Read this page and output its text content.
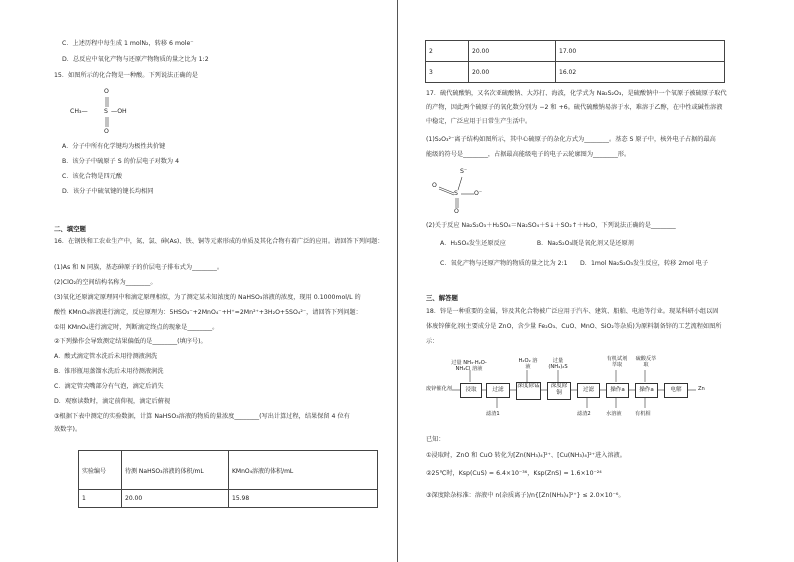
C．上述历程中每生成 1 molN₂，转移 6 mole⁻
D．总反应中氧化产物与还原产物物质的量之比为 1:2
15．如图所示的化合物是一种酸。下列说法正确的是
CH₃—	S
O
O
—OH
A．分子中所有化学键均为极性共价键
B．该分子中硫原子 S 的价层电子对数为 4
C．该化合物是四元酸
D．该分子中硫氧键的键长均相同
二、填空题
16．在钢铁和工农业生产中，氮、氯、砷(As)、铁、铜等元素形成的单质及其化合物有着广泛的应用。请回答下列问题：
(1)As 和 N 同族，基态砷原子的价层电子排布式为________。
(2)ClO₂的空间结构名称为________。
(3)氧化还原滴定原理同中和滴定原理相似，为了测定某未知浓度的 NaHSO₃溶液的浓度，现用 0.1000mol/L 的
酸性 KMnO₄溶液进行滴定，反应原理为：5HSO₃⁻+2MnO₄⁻+H⁺=2Mn²⁺+3H₂O+5SO₄²⁻，请回答下列问题：
①用 KMnO₄进行滴定时，判断滴定终点的现象是________。
②下列操作会导致测定结果偏低的是________(填序号)。
A．酸式滴定管水洗后未用待测液润洗
B．锥形瓶用蒸馏水洗后未用待测液润洗
C．滴定管尖嘴部分有气泡，滴定后消失
D．观察读数时，滴定前仰视，滴定后俯视
③根据下表中测定的实验数据，计算 NaHSO₃溶液的物质的量浓度________(写出计算过程，结果保留 4 位有
效数字)。
实验编号	待测 NaHSO₃溶液的体积/mL	KMnO₄溶液的体积/mL
1	20.00	15.98
2	20.00	17.00
3	20.00	16.02
17．硫代硫酸钠，又名次亚硫酸钠、大苏打、海波，化学式为 Na₂S₂O₃，是硫酸钠中一个氧原子被硫原子取代
的产物，因此两个硫原子的氧化数分别为 −2 和 +6。硫代硫酸钠易溶于水，难溶于乙醇，在中性或碱性溶液
中稳定，广泛应用于日常生产生活中。
(1)S₂O₃²⁻离子结构如图所示，其中心硫原子的杂化方式为________。基态 S 原子中，核外电子占据的最高
能级的符号是________，占据最高能级电子的电子云轮廓图为________形。
S⁻
O
S	O⁻
O
(2)关于反应 Na₂S₂O₃＋H₂SO₄＝Na₂SO₄＋S↓＋SO₂↑＋H₂O，下列说法正确的是________
A．H₂SO₄发生还原反应　　　　　B．Na₂S₂O₃既是氧化剂又是还原剂
C．氧化产物与还原产物的物质的量之比为 2:1　　D．1mol Na₂S₂O₃发生反应，转移 2mol 电子
三、解答题
18．锌是一种重要的金属，锌及其化合物被广泛应用于汽车、建筑、船舶、电池等行业。现某科研小组以固
体废锌催化剂(主要成分是 ZnO，含少量 Fe₂O₃、CuO、MnO、SiO₂等杂质)为原料制备锌的工艺流程如图所
示：
废锌催化剂	浸取	过滤
深度除锰	深度除铜	过滤	操作a	操作a	电解	Zn
过量 NH₃·H₂O-NH₄Cl 溶液
H₂O₂ 溶液
过量 (NH₄)₂S
有机试剂萃取
硫酸反萃取
滤渣1	滤渣2	水溶液	有机相
已知：
①浸取时，ZnO 和 CuO 转化为[Zn(NH₃)₄]²⁺、[Cu(NH₃)₄]²⁺进入溶液。
②25℃时，Ksp(CuS) = 6.4×10⁻³⁶，Ksp(ZnS) = 1.6×10⁻²⁴
③深度除杂标准：溶液中 n(杂质离子)/n{[Zn(NH₃)₄]²⁺} ≤ 2.0×10⁻⁶。
